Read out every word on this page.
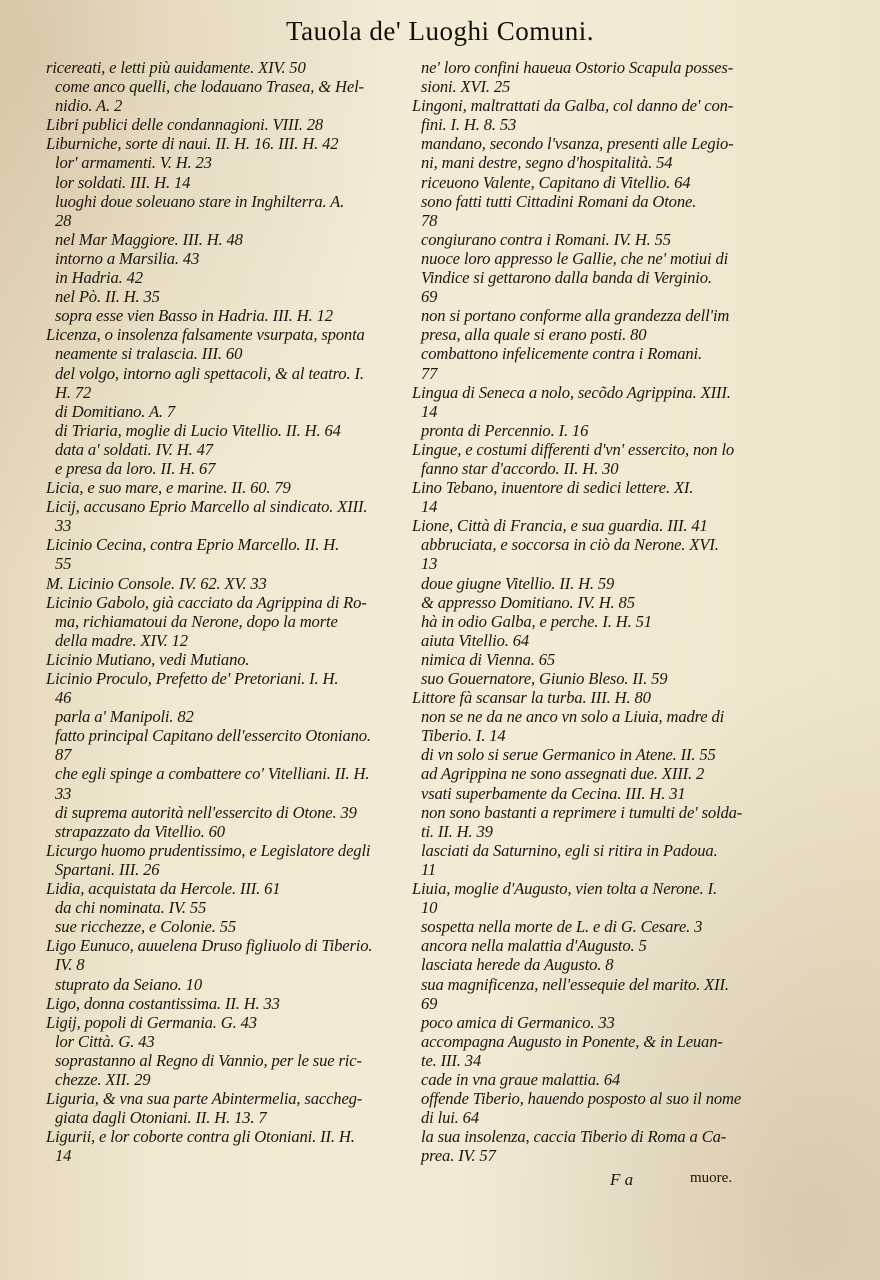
Tauola de' Luoghi Comuni.
ricereati, e letti più auidamente. XIV. 50
come anco quelli, che lodauano Trasea, & Hel-
nidio. A. 2
Libri publici delle condannagioni. VIII. 28
Liburniche, sorte di naui. II. H. 16. III. H. 42
lor' armamenti. V. H. 23
lor soldati. III. H. 14
luoghi doue soleuano stare in Inghilterra. A.
28
nel Mar Maggiore. III. H. 48
intorno a Marsilia. 43
in Hadria. 42
nel Pò. II. H. 35
sopra esse vien Basso in Hadria. III. H. 12
Licenza, o insolenza falsamente vsurpata, sponta
neamente si tralascia. III. 60
del volgo, intorno agli spettacoli, & al teatro. I.
H. 72
di Domitiano. A. 7
di Triaria, moglie di Lucio Vitellio. II. H. 64
data a' soldati. IV. H. 47
e presa da loro. II. H. 67
Licia, e suo mare, e marine. II. 60. 79
Licij, accusano Eprio Marcello al sindicato. XIII.
33
Licinio Cecina, contra Eprio Marcello. II. H.
55
M. Licinio Console. IV. 62. XV. 33
Licinio Gabolo, già cacciato da Agrippina di Ro-
ma, richiamatoui da Nerone, dopo la morte
della madre. XIV. 12
Licinio Mutiano, vedi Mutiano.
Licinio Proculo, Prefetto de' Pretoriani. I. H.
46
parla a' Manipoli. 82
fatto principal Capitano dell'essercito Otoniano.
87
che egli spinge a combattere co' Vitelliani. II. H.
33
di suprema autorità nell'essercito di Otone. 39
strapazzato da Vitellio. 60
Licurgo huomo prudentissimo, e Legislatore degli
Spartani. III. 26
Lidia, acquistata da Hercole. III. 61
da chi nominata. IV. 55
sue ricchezze, e Colonie. 55
Ligo Eunuco, auuelena Druso figliuolo di Tiberio.
IV. 8
stuprato da Seiano. 10
Ligo, donna costantissima. II. H. 33
Ligij, popoli di Germania. G. 43
lor Città. G. 43
soprastanno al Regno di Vannio, per le sue ric-
chezze. XII. 29
Liguria, & vna sua parte Abintermelia, saccheg-
giata dagli Otoniani. II. H. 13. 7
Ligurii, e lor coborte contra gli Otoniani. II. H.
14
ne' loro confini haueua Ostorio Scapula posses-
sioni. XVI. 25
Lingoni, maltrattati da Galba, col danno de' con-
fini. I. H. 8. 53
mandano, secondo l'vsanza, presenti alle Legio-
ni, mani destre, segno d'hospitalità. 54
riceuono Valente, Capitano di Vitellio. 64
sono fatti tutti Cittadini Romani da Otone.
78
congiurano contra i Romani. IV. H. 55
nuoce loro appresso le Gallie, che ne' motiui di
Vindice si gettarono dalla banda di Verginio.
69
non si portano conforme alla grandezza dell'im
presa, alla quale si erano posti. 80
combattono infelicemente contra i Romani.
77
Lingua di Seneca a nolo, secõdo Agrippina. XIII.
14
pronta di Percennio. I. 16
Lingue, e costumi differenti d'vn' essercito, non lo
fanno star d'accordo. II. H. 30
Lino Tebano, inuentore di sedici lettere. XI.
14
Lione, Città di Francia, e sua guardia. III. 41
abbruciata, e soccorsa in ciò da Nerone. XVI.
13
doue giugne Vitellio. II. H. 59
& appresso Domitiano. IV. H. 85
hà in odio Galba, e perche. I. H. 51
aiuta Vitellio. 64
nimica di Vienna. 65
suo Gouernatore, Giunio Bleso. II. 59
Littore fà scansar la turba. III. H. 80
non se ne da ne anco vn solo a Liuia, madre di
Tiberio. I. 14
di vn solo si serue Germanico in Atene. II. 55
ad Agrippina ne sono assegnati due. XIII. 2
vsati superbamente da Cecina. III. H. 31
non sono bastanti a reprimere i tumulti de' solda-
ti. II. H. 39
lasciati da Saturnino, egli si ritira in Padoua.
11
Liuia, moglie d'Augusto, vien tolta a Nerone. I.
10
sospetta nella morte de L. e di G. Cesare. 3
ancora nella malattia d'Augusto. 5
lasciata herede da Augusto. 8
sua magnificenza, nell'essequie del marito. XII.
69
poco amica di Germanico. 33
accompagna Augusto in Ponente, & in Leuan-
te. III. 34
cade in vna graue malattia. 64
offende Tiberio, hauendo posposto al suo il nome
di lui. 64
la sua insolenza, caccia Tiberio di Roma a Ca-
prea. IV. 57
F a	muore.
